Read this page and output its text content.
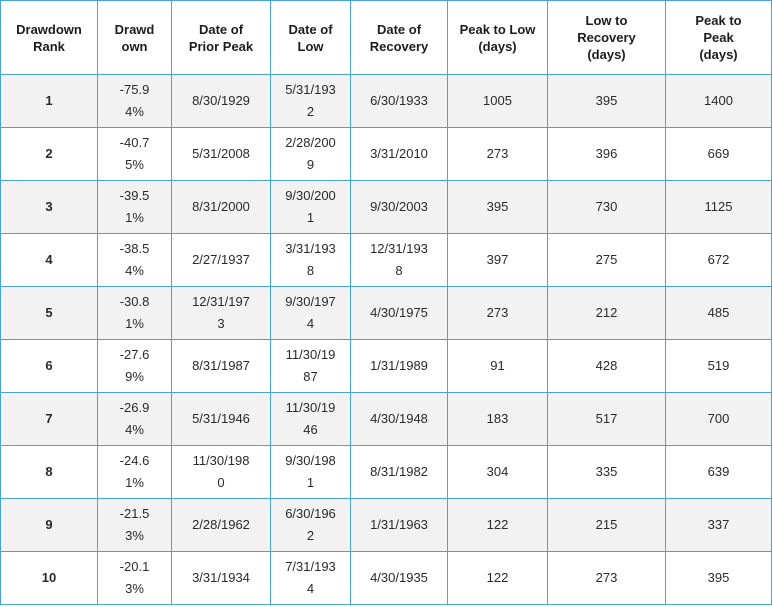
Drawdown Rank	Drawdown	Date of Prior Peak	Date of Low	Date of Recovery	Peak to Low (days)	Low to Recovery (days)	Peak to Peak (days)

1	-75.94%	8/30/1929	5/31/1932	6/30/1933	1005	395	1400

2	-40.75%	5/31/2008	2/28/2009	3/31/2010	273	396	669

3	-39.51%	8/31/2000	9/30/2001	9/30/2003	395	730	1125

4	-38.54%	2/27/1937	3/31/1938	12/31/1938	397	275	672

5	-30.81%	12/31/1973	9/30/1974	4/30/1975	273	212	485

6	-27.69%	8/31/1987	11/30/1987	1/31/1989	91	428	519

7	-26.94%	5/31/1946	11/30/1946	4/30/1948	183	517	700

8	-24.61%	11/30/1980	9/30/1981	8/31/1982	304	335	639

9	-21.53%	2/28/1962	6/30/1962	1/31/1963	122	215	337

10	-20.13%	3/31/1934	7/31/1934	4/30/1935	122	273	395
